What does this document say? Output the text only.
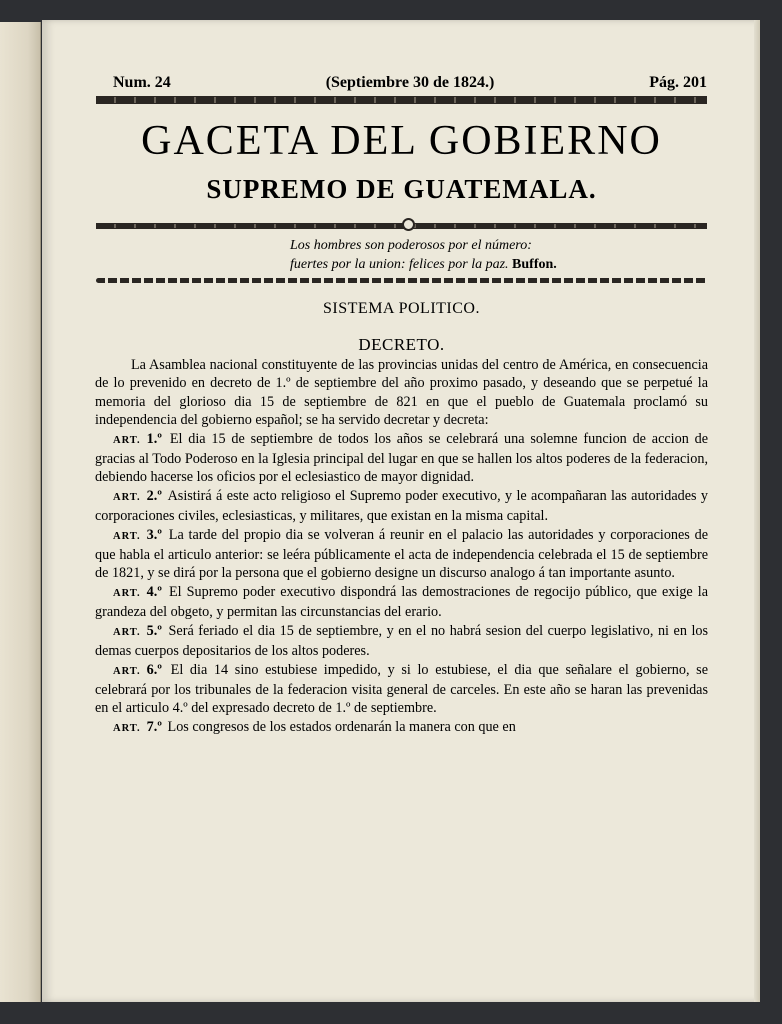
Num. 24	(Septiembre 30 de 1824.)	Pág. 201
GACETA DEL GOBIERNO
SUPREMO DE GUATEMALA.
Los hombres son poderosos por el número:
fuertes por la union: felices por la paz. Buffon.
SISTEMA POLITICO.
DECRETO.

La Asamblea nacional constituyente de las provincias unidas del centro de América, en consecuencia de lo prevenido en decreto de 1.º de septiembre del año proximo pasado, y deseando que se perpetué la memoria del glorioso dia 15 de septiembre de 821 en que el pueblo de Guatemala proclamó su independencia del gobierno español; se ha servido decretar y decreta:

ART. 1.º El dia 15 de septiembre de todos los años se celebrará una solemne funcion de accion de gracias al Todo Poderoso en la Iglesia principal del lugar en que se hallen los altos poderes de la federacion, debiendo hacerse los oficios por el eclesiastico de mayor dignidad.

ART. 2.º Asistirá á este acto religioso el Supremo poder executivo, y le acompañaran las autoridades y corporaciones civiles, eclesiasticas, y militares, que existan en la misma capital.

ART. 3.º La tarde del propio dia se volveran á reunir en el palacio las autoridades y corporaciones de que habla el articulo anterior: se leéra públicamente el acta de independencia celebrada el 15 de septiembre de 1821, y se dirá por la persona que el gobierno designe un discurso analogo á tan importante asunto.

ART. 4.º El Supremo poder executivo dispondrá las demostraciones de regocijo público, que exige la grandeza del obgeto, y permitan las circunstancias del erario.

ART. 5.º Será feriado el dia 15 de septiembre, y en el no habrá sesion del cuerpo legislativo, ni en los demas cuerpos depositarios de los altos poderes.

ART. 6.º El dia 14 sino estubiese impedido, y si lo estubiese, el dia que señalare el gobierno, se celebrará por los tribunales de la federacion visita general de carceles. En este año se haran las prevenidas en el articulo 4.º del expresado decreto de 1.º de septiembre.

ART. 7.º Los congresos de los estados ordenarán la manera con que en
